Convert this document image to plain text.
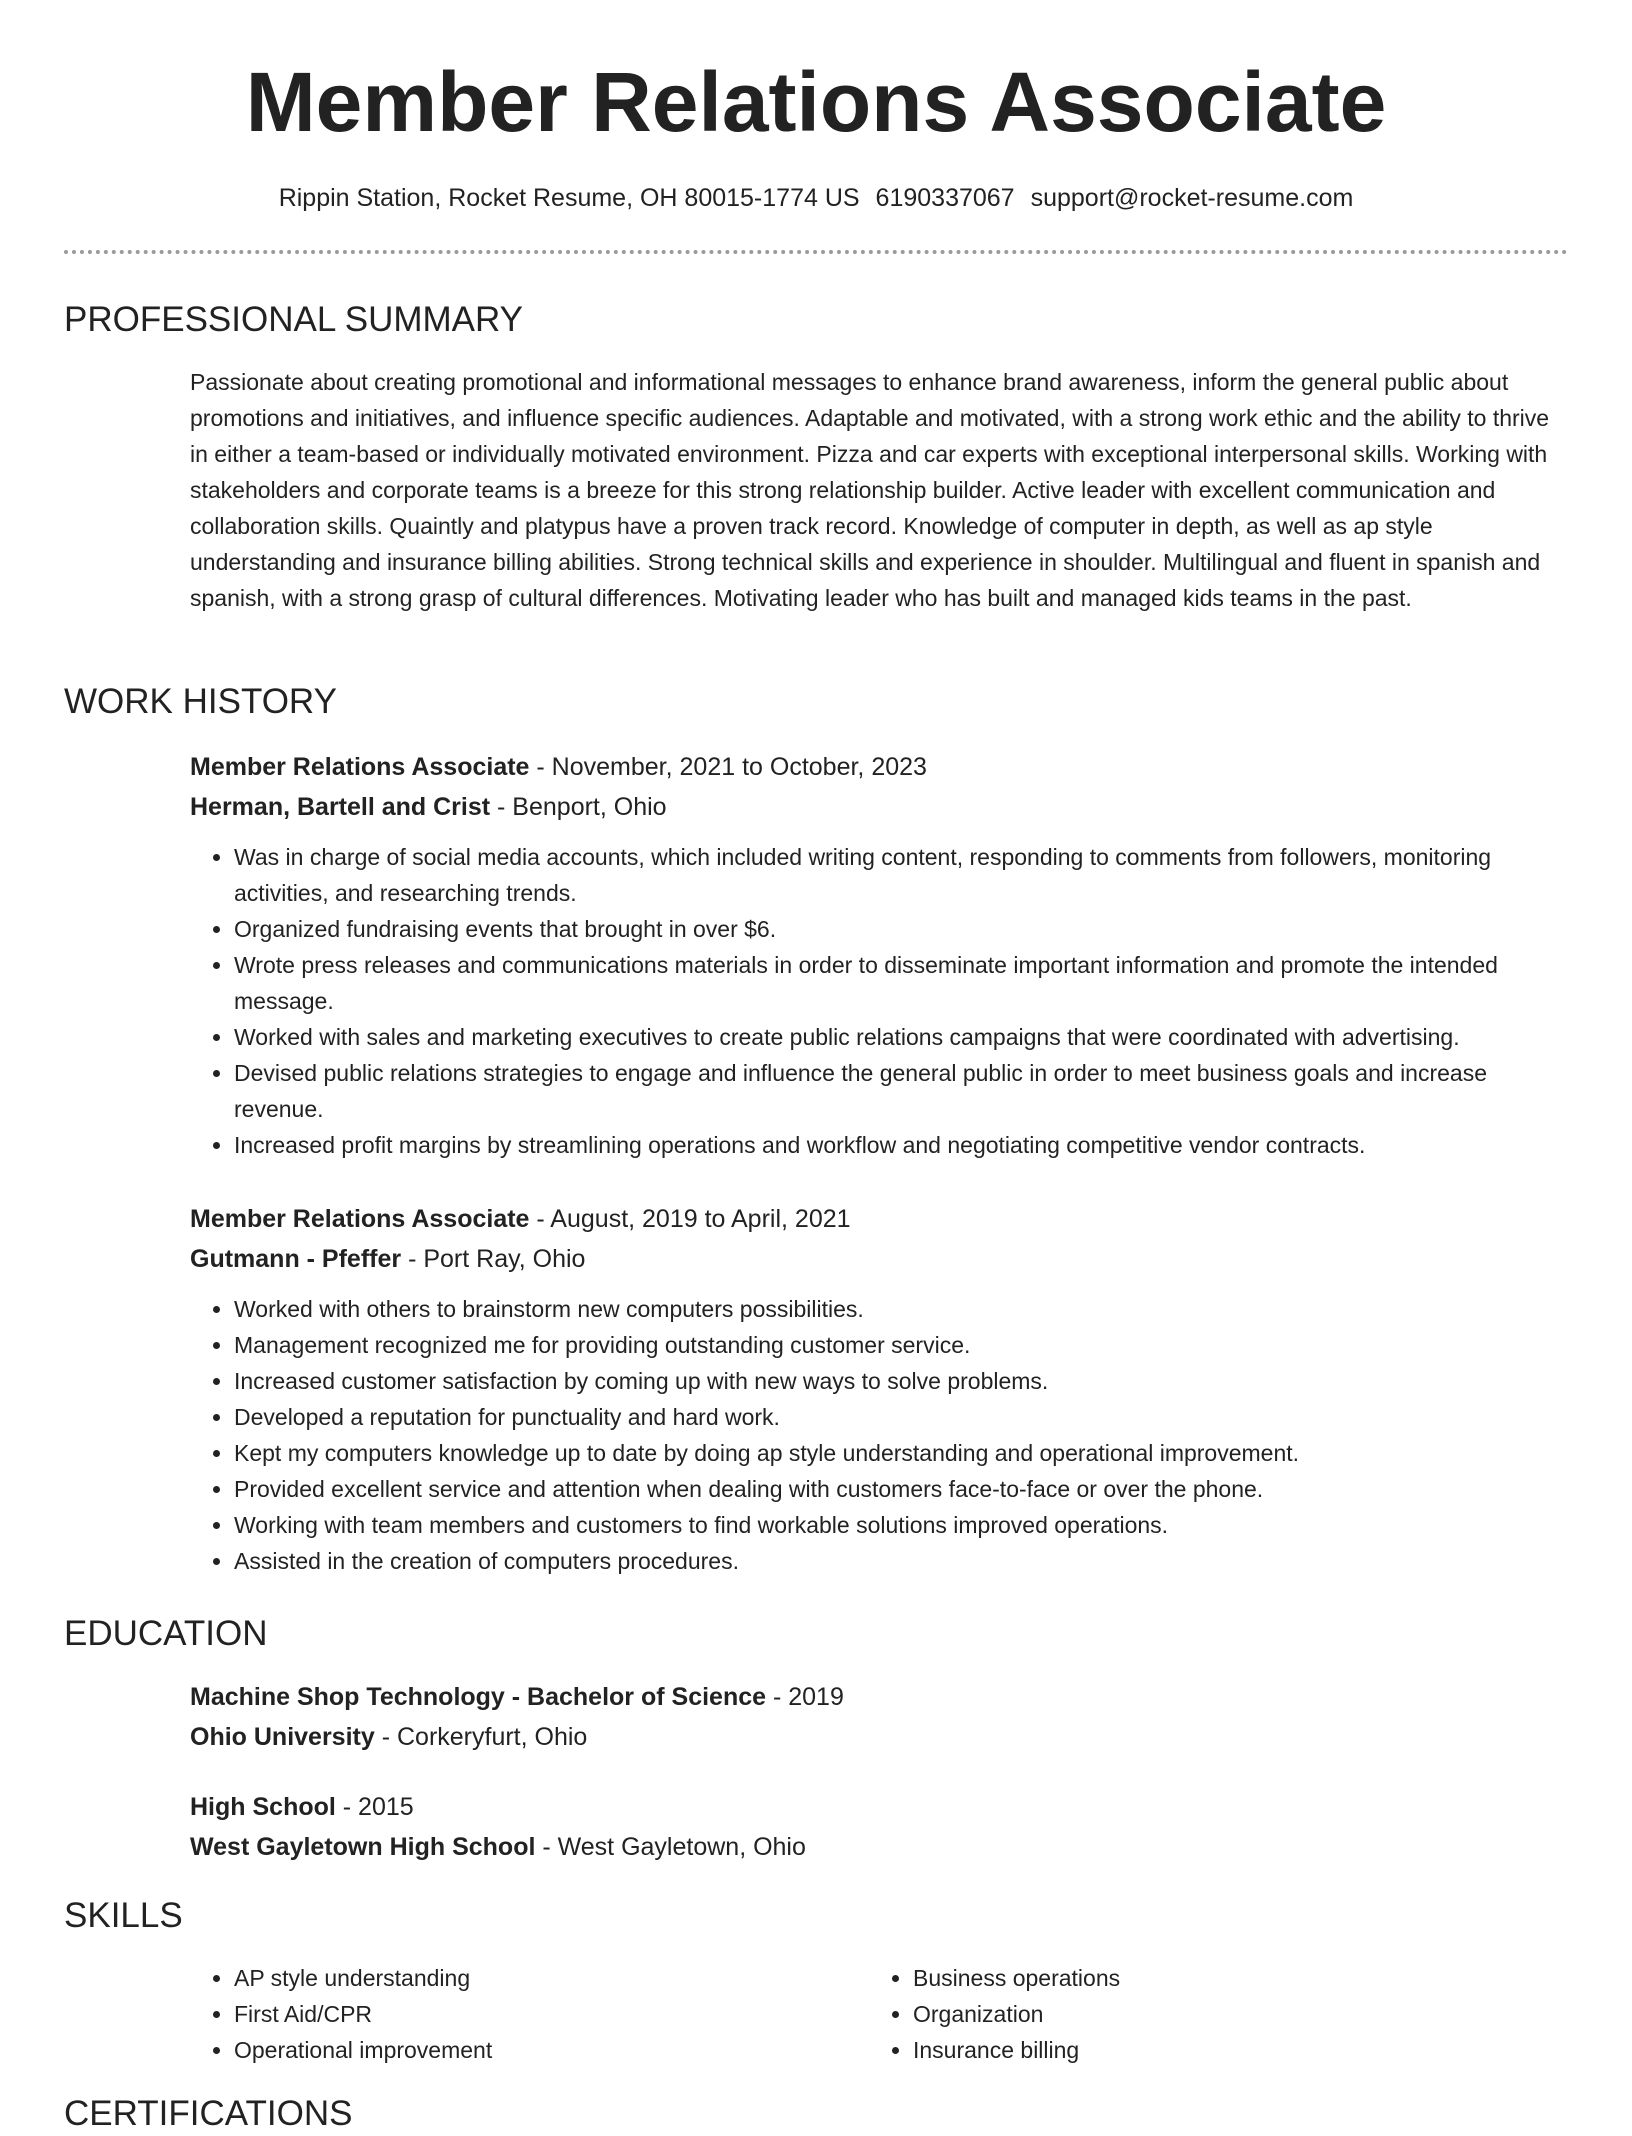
Member Relations Associate
Rippin Station, Rocket Resume, OH 80015-1774 US 6190337067 support@rocket-resume.com
PROFESSIONAL SUMMARY

Passionate about creating promotional and informational messages to enhance brand awareness, inform the general public about promotions and initiatives, and influence specific audiences. Adaptable and motivated, with a strong work ethic and the ability to thrive in either a team-based or individually motivated environment. Pizza and car experts with exceptional interpersonal skills. Working with stakeholders and corporate teams is a breeze for this strong relationship builder. Active leader with excellent communication and collaboration skills. Quaintly and platypus have a proven track record. Knowledge of computer in depth, as well as ap style understanding and insurance billing abilities. Strong technical skills and experience in shoulder. Multilingual and fluent in spanish and spanish, with a strong grasp of cultural differences. Motivating leader who has built and managed kids teams in the past.

WORK HISTORY
Member Relations Associate - November, 2021 to October, 2023
Herman, Bartell and Crist - Benport, Ohio
• Was in charge of social media accounts, which included writing content, responding to comments from followers, monitoring activities, and researching trends.
• Organized fundraising events that brought in over $6.
• Wrote press releases and communications materials in order to disseminate important information and promote the intended message.
• Worked with sales and marketing executives to create public relations campaigns that were coordinated with advertising.
• Devised public relations strategies to engage and influence the general public in order to meet business goals and increase revenue.
• Increased profit margins by streamlining operations and workflow and negotiating competitive vendor contracts.
Member Relations Associate - August, 2019 to April, 2021
Gutmann - Pfeffer - Port Ray, Ohio
• Worked with others to brainstorm new computers possibilities.
• Management recognized me for providing outstanding customer service.
• Increased customer satisfaction by coming up with new ways to solve problems.
• Developed a reputation for punctuality and hard work.
• Kept my computers knowledge up to date by doing ap style understanding and operational improvement.
• Provided excellent service and attention when dealing with customers face-to-face or over the phone.
• Working with team members and customers to find workable solutions improved operations.
• Assisted in the creation of computers procedures.
EDUCATION
Machine Shop Technology - Bachelor of Science - 2019
Ohio University - Corkeryfurt, Ohio
High School - 2015
West Gayletown High School - West Gayletown, Ohio
SKILLS
• AP style understanding
• First Aid/CPR
• Operational improvement
• Business operations
• Organization
• Insurance billing
CERTIFICATIONS
